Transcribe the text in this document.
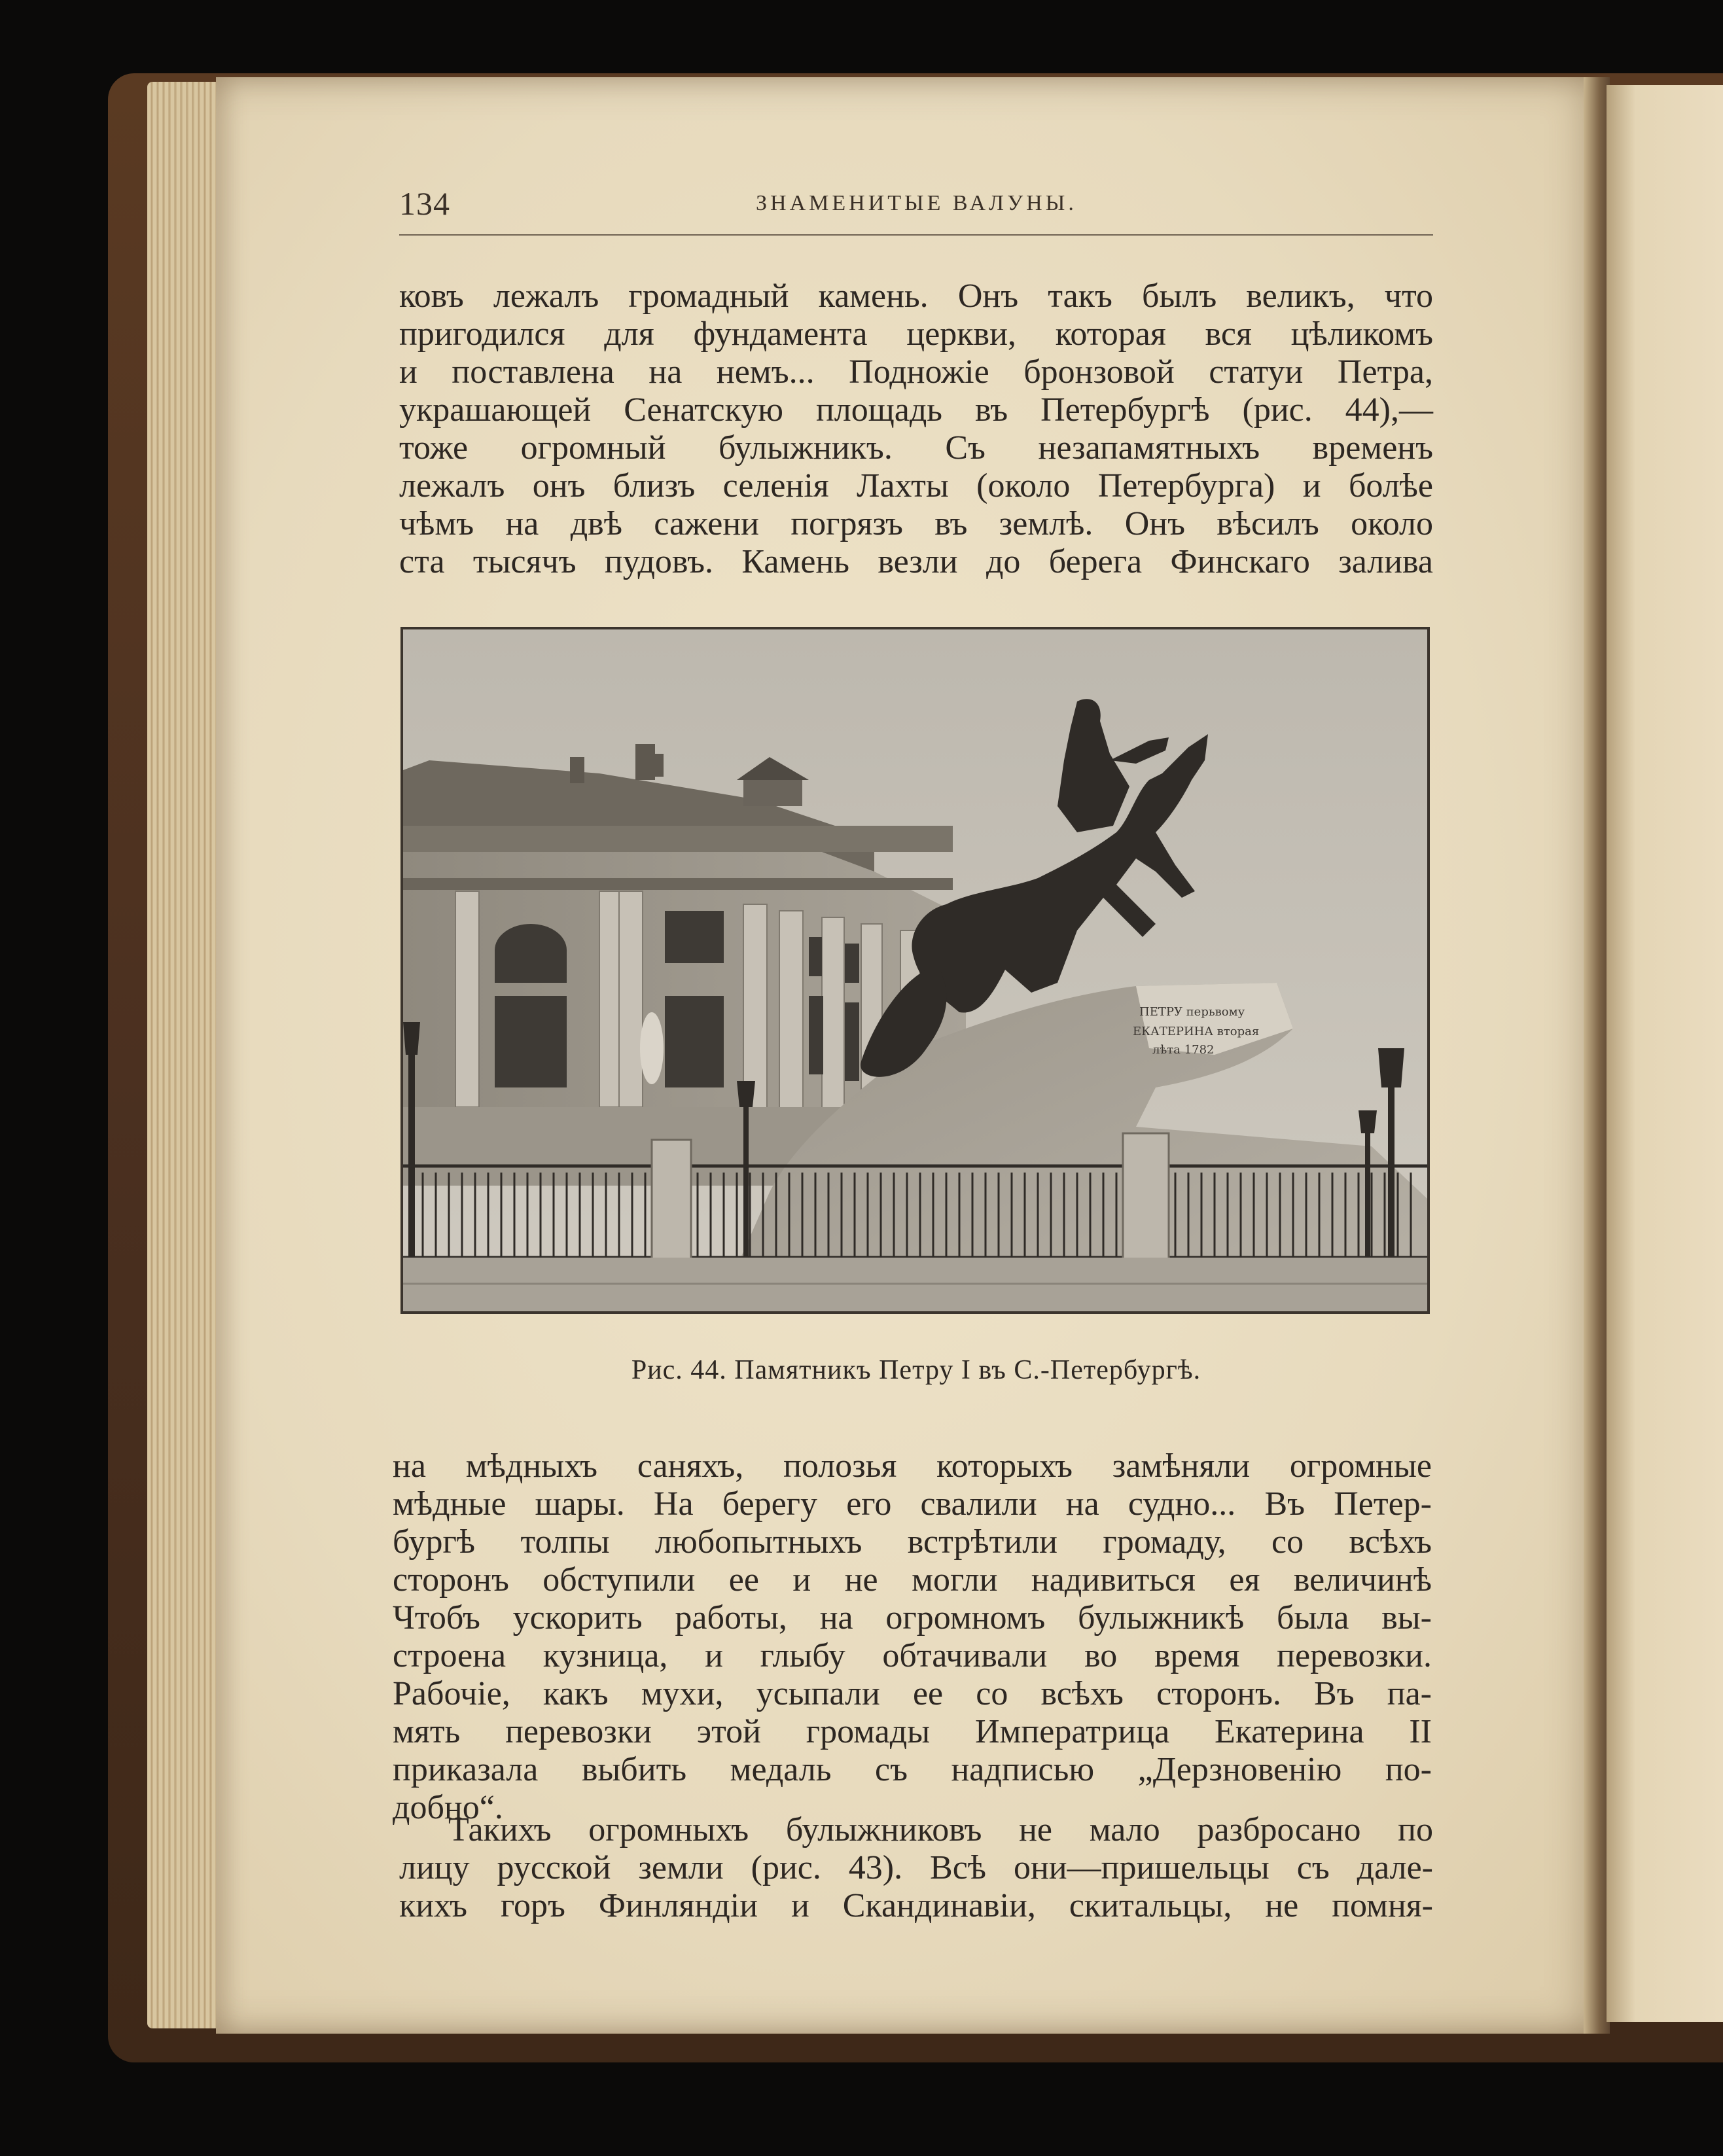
134	ЗНАМЕНИТЫЕ ВАЛУНЫ.
ковъ лежалъ громадный камень. Онъ такъ былъ великъ, что
пригодился для фундамента церкви, которая вся цѣликомъ
и поставлена на немъ... Подножіе бронзовой статуи Петра,
украшающей Сенатскую площадь въ Петербургѣ (рис. 44),—
тоже огромный булыжникъ. Съ незапамятныхъ временъ
лежалъ онъ близъ селенія Лахты (около Петербурга) и болѣе
чѣмъ на двѣ сажени погрязъ въ землѣ. Онъ вѣсилъ около
ста тысячъ пудовъ. Камень везли до берега Финскаго залива
ПЕТРУ перьвому
ЕКАТЕРИНА вторая
лѣта 1782
Рис. 44. Памятникъ Петру I въ С.-Петербургѣ.
на мѣдныхъ саняхъ, полозья которыхъ замѣняли огромные
мѣдные шары. На берегу его свалили на судно... Въ Петер-
бургѣ толпы любопытныхъ встрѣтили громаду, со всѣхъ
сторонъ обступили ее и не могли надивиться ея величинѣ
Чтобъ ускорить работы, на огромномъ булыжникѣ была вы-
строена кузница, и глыбу обтачивали во время перевозки.
Рабочіе, какъ мухи, усыпали ее со всѣхъ сторонъ. Въ па-
мять перевозки этой громады Императрица Екатерина II
приказала выбить медаль съ надписью „Дерзновенію по-
добно“.
Такихъ огромныхъ булыжниковъ не мало разбросано по
лицу русской земли (рис. 43). Всѣ они—пришельцы съ дале-
кихъ горъ Финляндіи и Скандинавіи, скитальцы, не помня-
